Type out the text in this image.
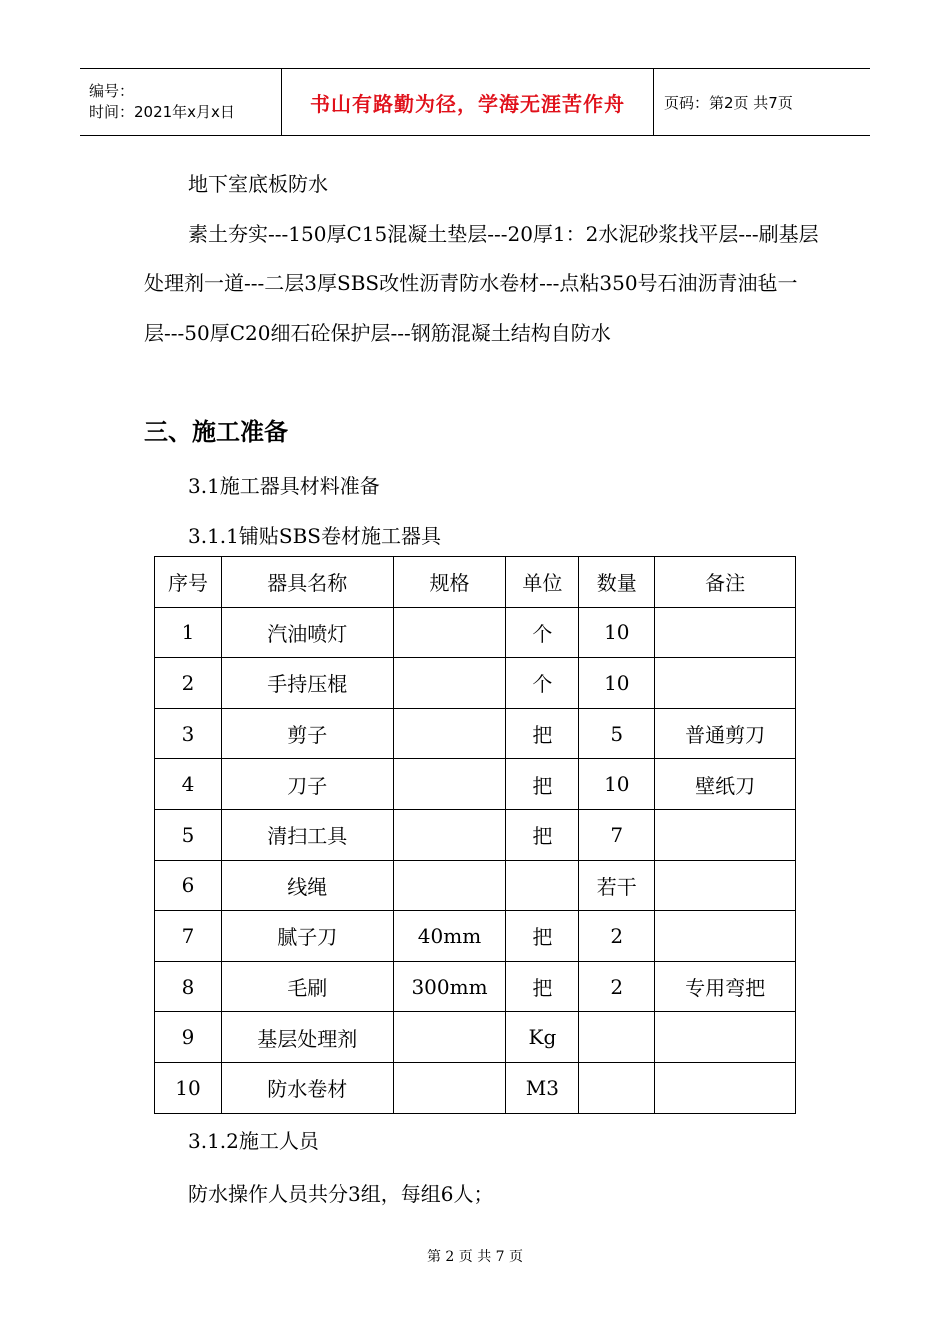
编号：
时间：2021年x月x日	书山有路勤为径，学海无涯苦作舟	页码：第2页 共7页

地下室底板防水

素土夯实---150厚C15混凝土垫层---20厚1：2水泥砂浆找平层---刷基层处理剂一道---二层3厚SBS改性沥青防水卷材---点粘350号石油沥青油毡一层---50厚C20细石砼保护层---钢筋混凝土结构自防水

三、施工准备
3.1施工器具材料准备
3.1.1铺贴SBS卷材施工器具
序号	器具名称	规格	单位	数量	备注
1	汽油喷灯		个	10	
2	手持压棍		个	10	
3	剪子		把	5	普通剪刀
4	刀子		把	10	壁纸刀
5	清扫工具		把	7	
6	线绳			若干	
7	腻子刀	40mm	把	2	
8	毛刷	300mm	把	2	专用弯把
9	基层处理剂		Kg		
10	防水卷材		M3		
3.1.2施工人员
防水操作人员共分3组，每组6人；
第 2 页 共 7 页
